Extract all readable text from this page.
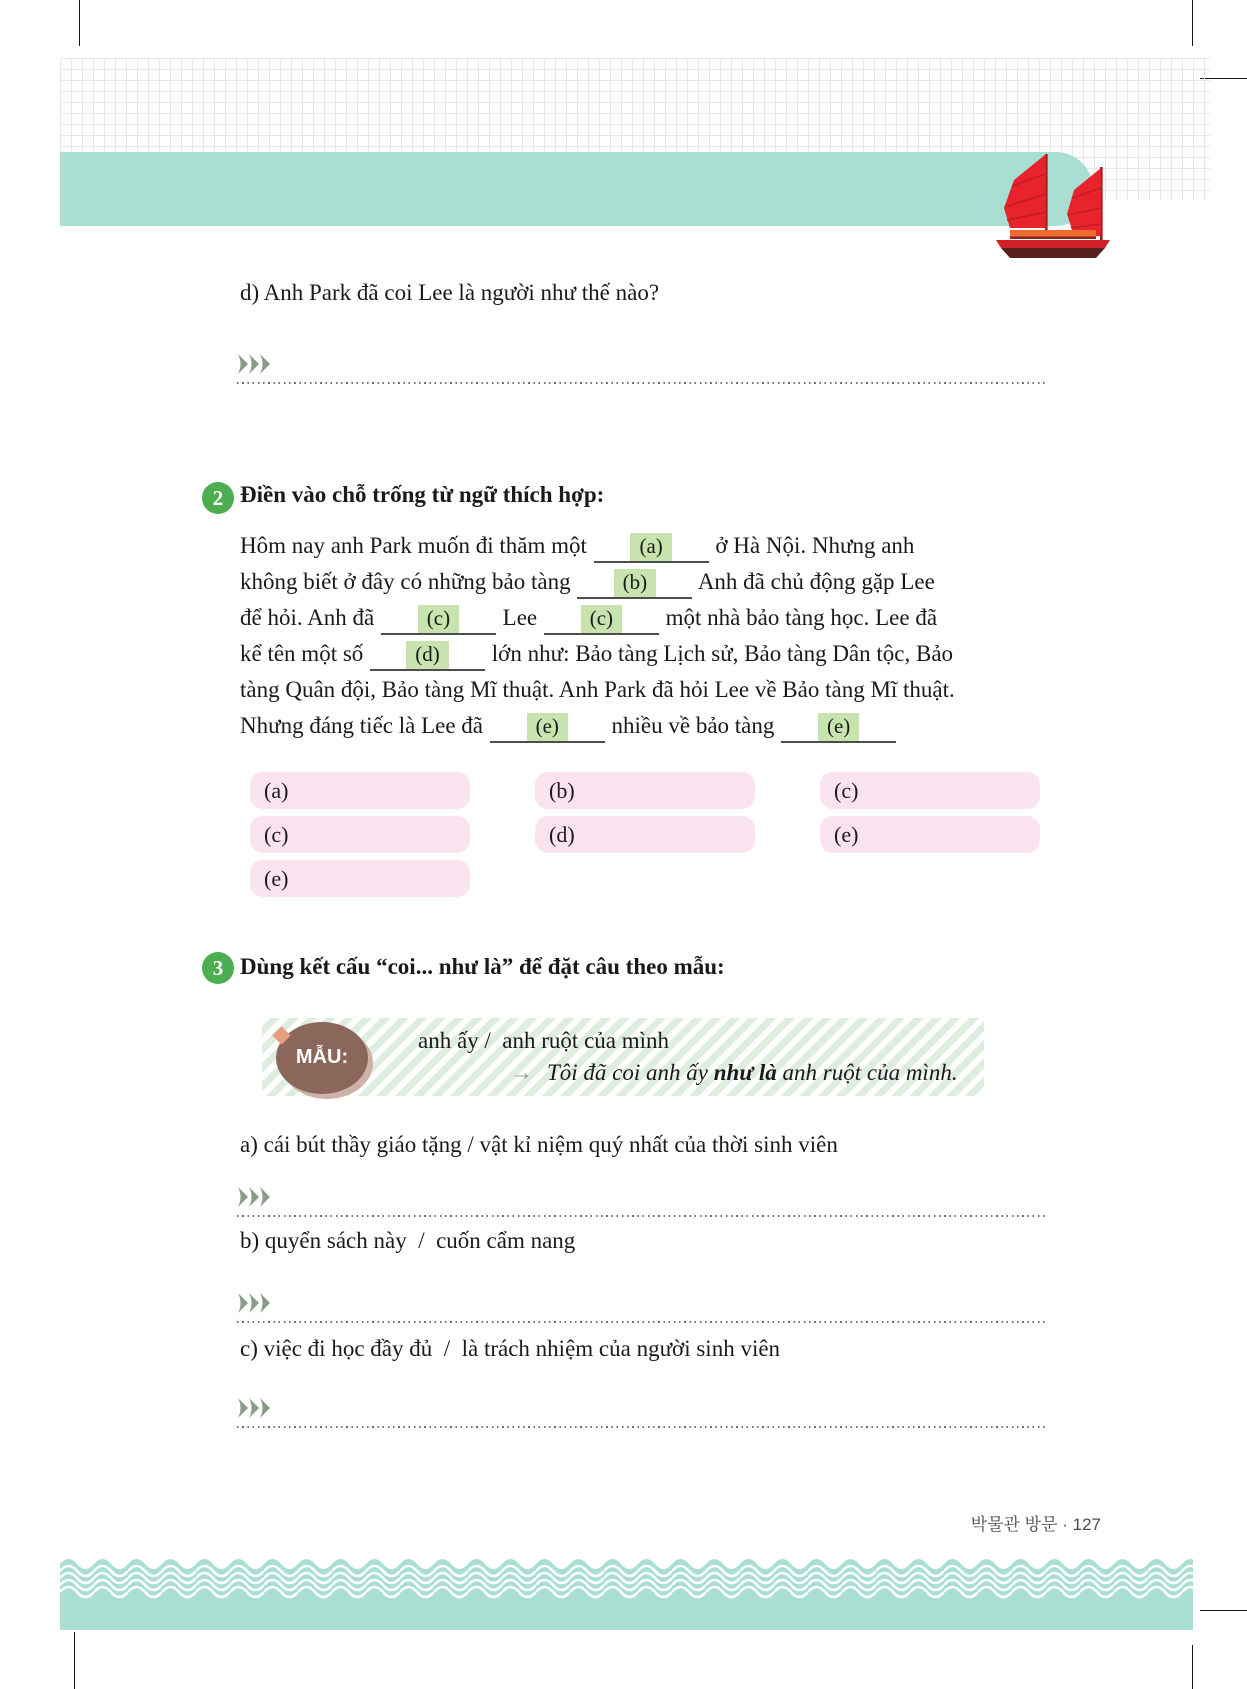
d) Anh Park đã coi Lee là người như thế nào?
2 Điền vào chỗ trống từ ngữ thích hợp:
Hôm nay anh Park muốn đi thăm một (a) ở Hà Nội. Nhưng anh
không biết ở đây có những bảo tàng (b) Anh đã chủ động gặp Lee
để hỏi. Anh đã (c) Lee (c) một nhà bảo tàng học. Lee đã
kể tên một số (d) lớn như: Bảo tàng Lịch sử, Bảo tàng Dân tộc, Bảo
tàng Quân đội, Bảo tàng Mĩ thuật. Anh Park đã hỏi Lee về Bảo tàng Mĩ thuật.
Nhưng đáng tiếc là Lee đã (e) nhiều về bảo tàng (e)
(a)	(b)	(c)
(c)	(d)	(e)
(e)
3 Dùng kết cấu “coi... như là” để đặt câu theo mẫu:
MẪU:
anh ấy /  anh ruột của mình
→ Tôi đã coi anh ấy như là anh ruột của mình.
a) cái bút thầy giáo tặng / vật kỉ niệm quý nhất của thời sinh viên
b) quyển sách này  /  cuốn cẩm nang
c) việc đi học đầy đủ  /  là trách nhiệm của người sinh viên
박물관 방문 · 127
